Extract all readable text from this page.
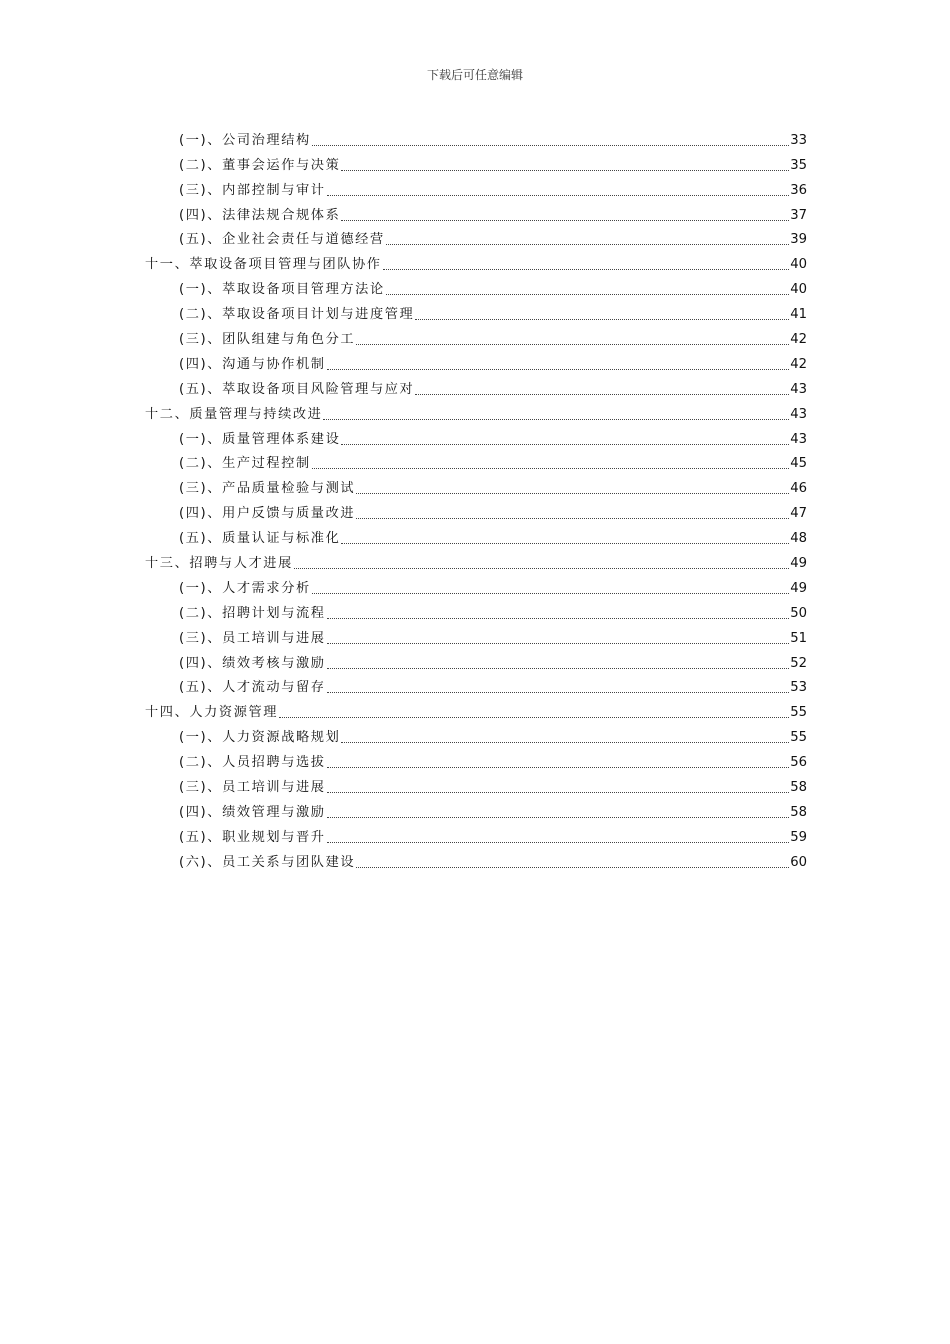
下载后可任意编辑
(一)、公司治理结构	33
(二)、董事会运作与决策	35
(三)、内部控制与审计	36
(四)、法律法规合规体系	37
(五)、企业社会责任与道德经营	39
十一、萃取设备项目管理与团队协作	40
(一)、萃取设备项目管理方法论	40
(二)、萃取设备项目计划与进度管理	41
(三)、团队组建与角色分工	42
(四)、沟通与协作机制	42
(五)、萃取设备项目风险管理与应对	43
十二、质量管理与持续改进	43
(一)、质量管理体系建设	43
(二)、生产过程控制	45
(三)、产品质量检验与测试	46
(四)、用户反馈与质量改进	47
(五)、质量认证与标准化	48
十三、招聘与人才进展	49
(一)、人才需求分析	49
(二)、招聘计划与流程	50
(三)、员工培训与进展	51
(四)、绩效考核与激励	52
(五)、人才流动与留存	53
十四、人力资源管理	55
(一)、人力资源战略规划	55
(二)、人员招聘与选拔	56
(三)、员工培训与进展	58
(四)、绩效管理与激励	58
(五)、职业规划与晋升	59
(六)、员工关系与团队建设	60
